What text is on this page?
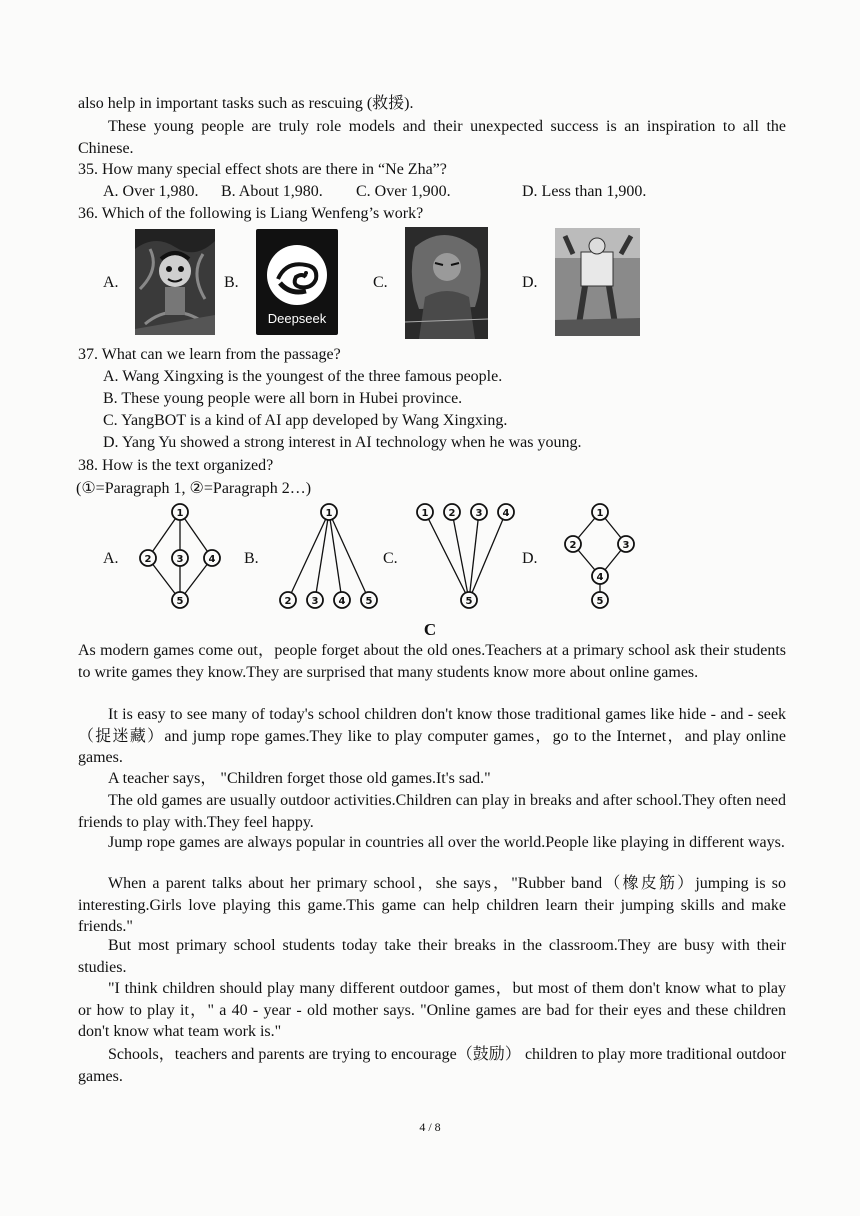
also help in important tasks such as rescuing (救援).
These young people are truly role models and their unexpected success is an inspiration to all the Chinese.
35. How many special effect shots are there in “Ne Zha”?
A. Over 1,980. B. About 1,980. C. Over 1,900.	D. Less than 1,900.
36. Which of the following is Liang Wenfeng’s work?
A.	B.	C.	D.
Deepseek
37. What can we learn from the passage?
A. Wang Xingxing is the youngest of the three famous people.
B. These young people were all born in Hubei province.
C. YangBOT is a kind of AI app developed by Wang Xingxing.
D. Yang Yu showed a strong interest in AI technology when he was young.
38. How is the text organized?
(①=Paragraph 1, ②=Paragraph 2…)
A.	B.	C.	D.
1
2	3	4
5
1
2 3 4 5
1 2 3 4
5
1
2	3
4
5
C
As modern games come out，people forget about the old ones.Teachers at a primary school ask their students to write games they know.They are surprised that many students know more about online games.
It is easy to see many of today's school children don't know those traditional games like hide - and - seek（捉迷藏）and jump rope games.They like to play computer games，go to the Internet，and play online games.
A teacher says， "Children forget those old games.It's sad."
The old games are usually outdoor activities.Children can play in breaks and after school.They often need friends to play with.They feel happy.
Jump rope games are always popular in countries all over the world.People like playing in different ways.
When a parent talks about her primary school，she says，"Rubber band（橡皮筋）jumping is so interesting.Girls love playing this game.This game can help children learn their jumping skills and make friends."
But most primary school students today take their breaks in the classroom.They are busy with their studies.
"I think children should play many different outdoor games，but most of them don't know what to play or how to play it，" a 40 - year - old mother says. "Online games are bad for their eyes and these children don't know what team work is."
Schools，teachers and parents are trying to encourage（鼓励） children to play more traditional outdoor games.
4 / 8
